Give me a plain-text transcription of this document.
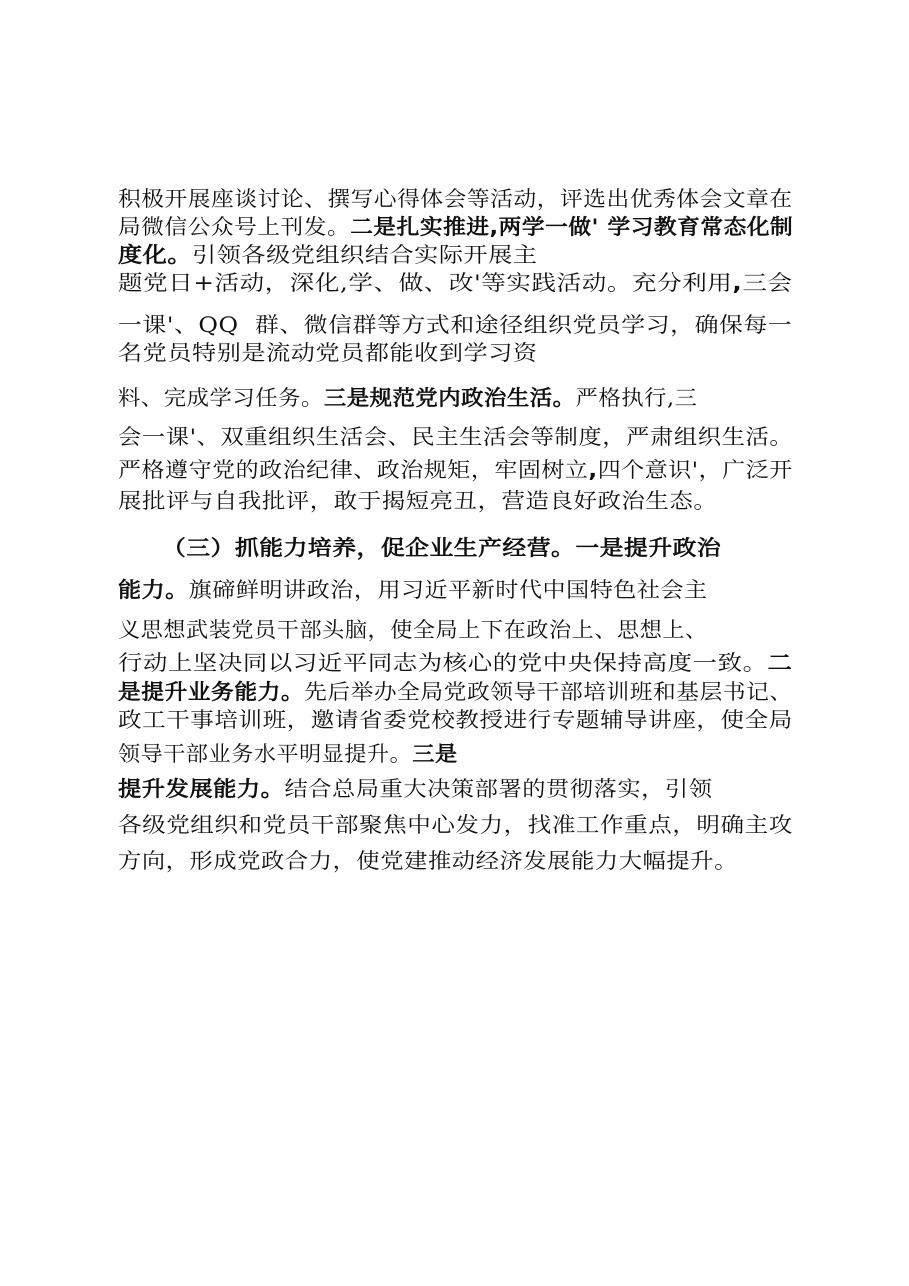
积极开展座谈讨论、撰写心得体会等活动，评选出优秀体会文章在
局微信公众号上刊发。二是扎实推进,两学一做' 学习教育常态化制
度化。引领各级党组织结合实际开展主
题党日+活动，深化,学、做、改'等实践活动。充分利用,三会
一课'、QQ  群、微信群等方式和途径组织党员学习，确保每一
名党员特别是流动党员都能收到学习资
料、完成学习任务。三是规范党内政治生活。严格执行,三
会一课'、双重组织生活会、民主生活会等制度，严肃组织生活。
严格遵守党的政治纪律、政治规矩，牢固树立,四个意识'，广泛开
展批评与自我批评，敢于揭短亮丑，营造良好政治生态。
（三）抓能力培养，促企业生产经营。一是提升政治
能力。旗碲鲜明讲政治，用习近平新时代中国特色社会主
义思想武装党员干部头脑，使全局上下在政治上、思想上、
行动上坚决同以习近平同志为核心的党中央保持高度一致。二
是提升业务能力。先后举办全局党政领导干部培训班和基层书记、
政工干事培训班，邀请省委党校教授进行专题辅导讲座，使全局
领导干部业务水平明显提升。三是
提升发展能力。结合总局重大决策部署的贯彻落实，引领
各级党组织和党员干部聚焦中心发力，找准工作重点，明确主攻
方向，形成党政合力，使党建推动经济发展能力大幅提升。
